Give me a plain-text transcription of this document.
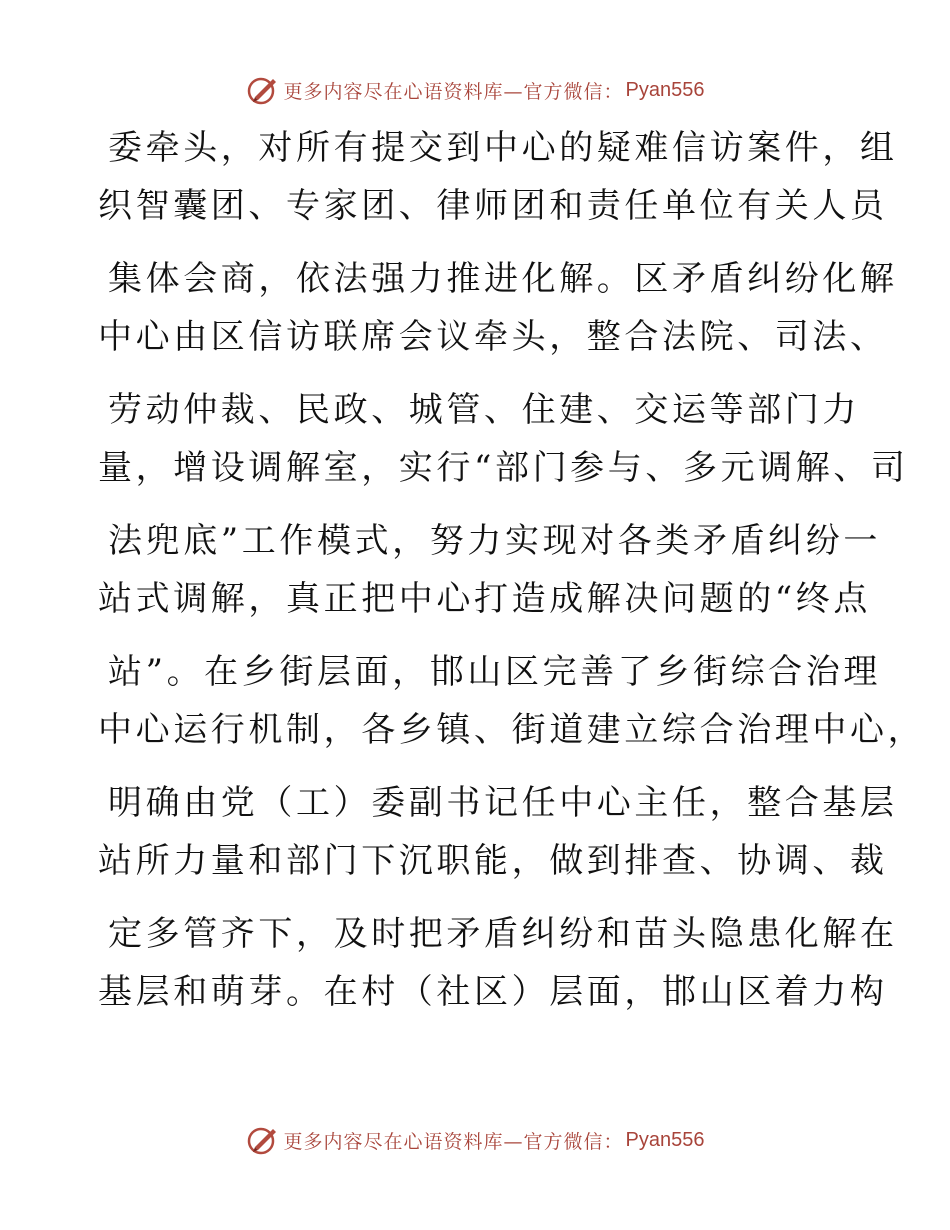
更多内容尽在心语资料库—官方微信： Pyan556
委牵头，对所有提交到中心的疑难信访案件，组
织智囊团、专家团、律师团和责任单位有关人员
集体会商，依法强力推进化解。区矛盾纠纷化解
中心由区信访联席会议牵头，整合法院、司法、
劳动仲裁、民政、城管、住建、交运等部门力
量，增设调解室，实行“部门参与、多元调解、司
法兜底”工作模式，努力实现对各类矛盾纠纷一
站式调解，真正把中心打造成解决问题的“终点
站”。在乡街层面，邯山区完善了乡街综合治理
中心运行机制，各乡镇、街道建立综合治理中心，
明确由党（工）委副书记任中心主任，整合基层
站所力量和部门下沉职能，做到排查、协调、裁
定多管齐下，及时把矛盾纠纷和苗头隐患化解在
基层和萌芽。在村（社区）层面，邯山区着力构
更多内容尽在心语资料库—官方微信： Pyan556
